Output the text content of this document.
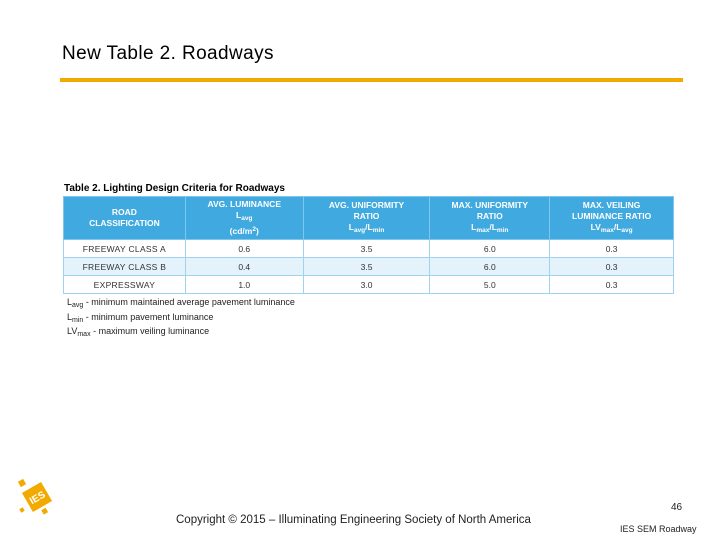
New Table 2. Roadways
Table 2. Lighting Design Criteria for Roadways
ROAD
CLASSIFICATION	AVG. LUMINANCE
$L_{avg}$
$(cd/m^2)$	AVG. UNIFORMITY
RATIO
$L_{avg}/L_{min}$	MAX. UNIFORMITY
RATIO
$L_{max}/L_{min}$	MAX. VEILING
LUMINANCE RATIO
$LV_{max}/L_{avg}$
FREEWAY CLASS A	0.6	3.5	6.0	0.3
FREEWAY CLASS B	0.4	3.5	6.0	0.3
EXPRESSWAY	1.0	3.0	5.0	0.3
$L_{avg}$ - minimum maintained average pavement luminance
$L_{min}$ - minimum pavement luminance
$LV_{max}$ - maximum veiling luminance
IES
Copyright © 2015 – Illuminating Engineering Society of North America
46
IES SEM Roadway
